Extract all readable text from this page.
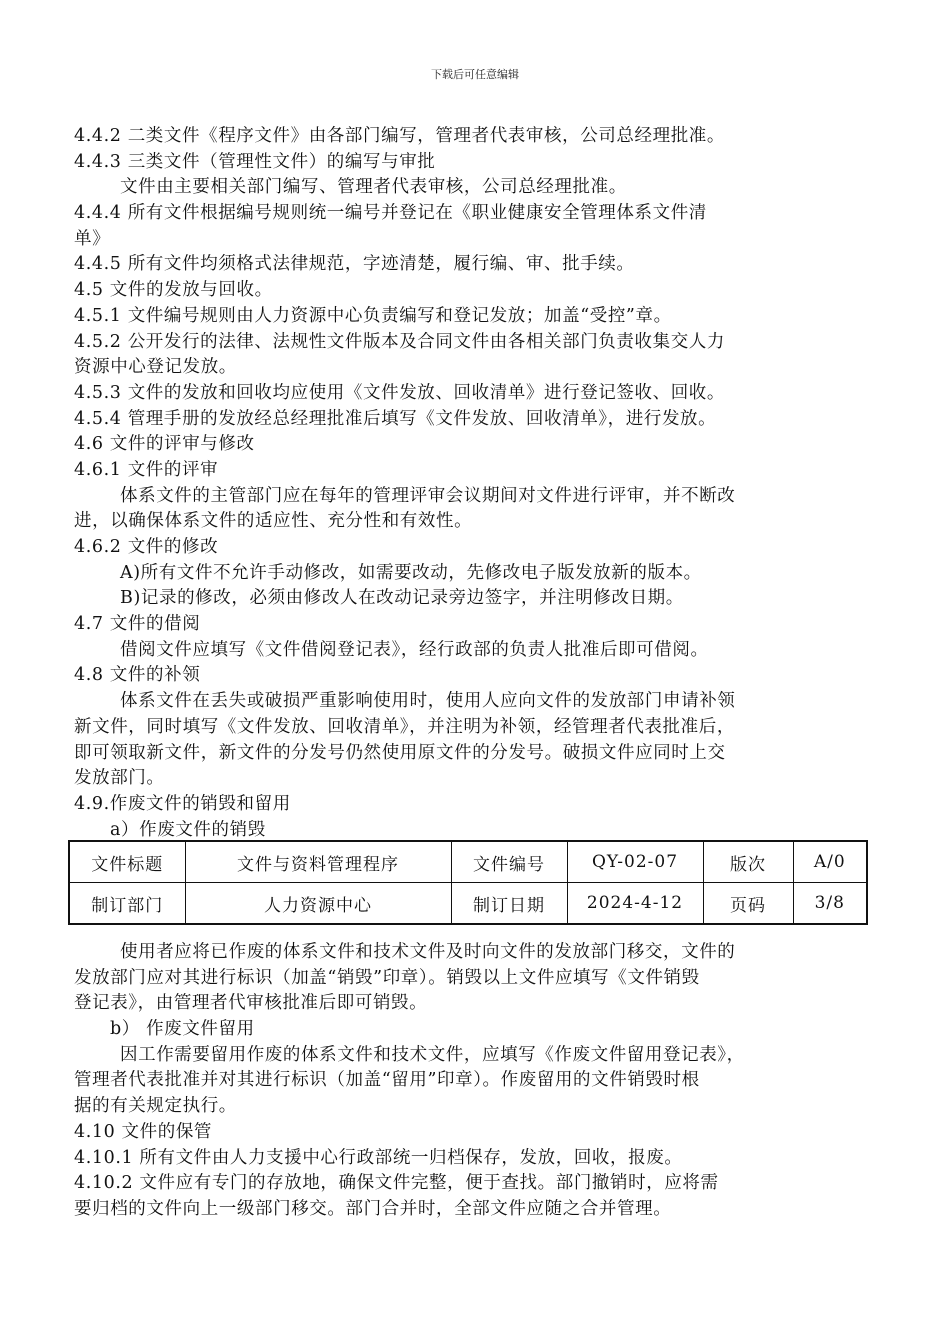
下载后可任意编辑
4.4.2 二类文件《程序文件》由各部门编写，管理者代表审核，公司总经理批准。
4.4.3 三类文件（管理性文件）的编写与审批
文件由主要相关部门编写、管理者代表审核，公司总经理批准。
4.4.4 所有文件根据编号规则统一编号并登记在《职业健康安全管理体系文件清
单》
4.4.5 所有文件均须格式法律规范，字迹清楚，履行编、审、批手续。
4.5 文件的发放与回收。
4.5.1 文件编号规则由人力资源中心负责编写和登记发放；加盖“受控”章。
4.5.2 公开发行的法律、法规性文件版本及合同文件由各相关部门负责收集交人力
资源中心登记发放。
4.5.3 文件的发放和回收均应使用《文件发放、回收清单》进行登记签收、回收。
4.5.4 管理手册的发放经总经理批准后填写《文件发放、回收清单》，进行发放。
4.6 文件的评审与修改
4.6.1 文件的评审
体系文件的主管部门应在每年的管理评审会议期间对文件进行评审，并不断改
进，以确保体系文件的适应性、充分性和有效性。
4.6.2 文件的修改
A)所有文件不允许手动修改，如需要改动，先修改电子版发放新的版本。
B)记录的修改，必须由修改人在改动记录旁边签字，并注明修改日期。
4.7 文件的借阅
借阅文件应填写《文件借阅登记表》，经行政部的负责人批准后即可借阅。
4.8 文件的补领
体系文件在丢失或破损严重影响使用时，使用人应向文件的发放部门申请补领
新文件，同时填写《文件发放、回收清单》，并注明为补领，经管理者代表批准后，
即可领取新文件，新文件的分发号仍然使用原文件的分发号。破损文件应同时上交
发放部门。
4.9.作废文件的销毁和留用
a）作废文件的销毁
文件标题	文件与资料管理程序	文件编号	QY-02-07	版次	A/0
制订部门	人力资源中心	制订日期	2024-4-12	页码	3/8
使用者应将已作废的体系文件和技术文件及时向文件的发放部门移交，文件的
发放部门应对其进行标识（加盖“销毁”印章）。销毁以上文件应填写《文件销毁
登记表》，由管理者代审核批准后即可销毁。
b） 作废文件留用
因工作需要留用作废的体系文件和技术文件，应填写《作废文件留用登记表》，
管理者代表批准并对其进行标识（加盖“留用”印章）。作废留用的文件销毁时根
据的有关规定执行。
4.10 文件的保管
4.10.1 所有文件由人力支援中心行政部统一归档保存，发放，回收，报废。
4.10.2 文件应有专门的存放地，确保文件完整，便于查找。部门撤销时，应将需
要归档的文件向上一级部门移交。部门合并时，全部文件应随之合并管理。
